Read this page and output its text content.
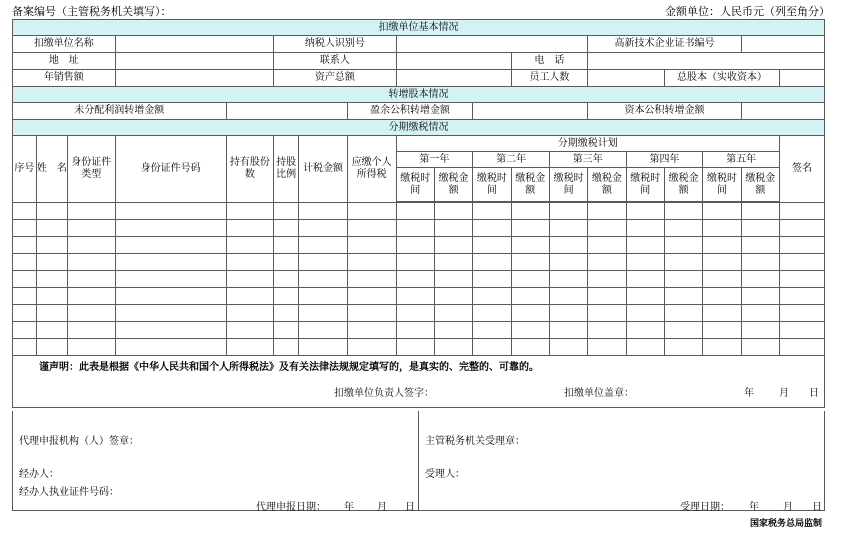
备案编号（主管税务机关填写）：	金额单位：人民币元（列至角分）
扣缴单位基本情况																		
扣缴单位名称					纳税人识别号								高新技术企业证书编号					
地　址					联系人						电　话							
年销售额					资产总额						员工人数				总股本（实收资本）			
转增股本情况																		
未分配利润转增金额							盈余公积转增金额						资本公积转增金额					
分期缴税情况																		
序号	姓　名	身份证件类型	身份证件号码	持有股份数	持股比例	计税金额	应缴个人所得税	分期缴税计划										签名
								第一年		第二年		第三年		第四年		第五年		
								缴税时间	缴税金额	缴税时间	缴税金额	缴税时间	缴税金额	缴税时间	缴税金额	缴税时间	缴税金额	

谨声明：此表是根据《中华人民共和国个人所得税法》及有关法律法规规定填写的，是真实的、完整的、可靠的。																		

扣缴单位负责人签字： 扣缴单位盖章： 年 月 日																		
代理申报机构（人）签章：
经办人：
经办人执业证件号码：
代理申报日期： 年 月 日
主管税务机关受理章：
受理人：
受理日期： 年 月 日
国家税务总局监制
